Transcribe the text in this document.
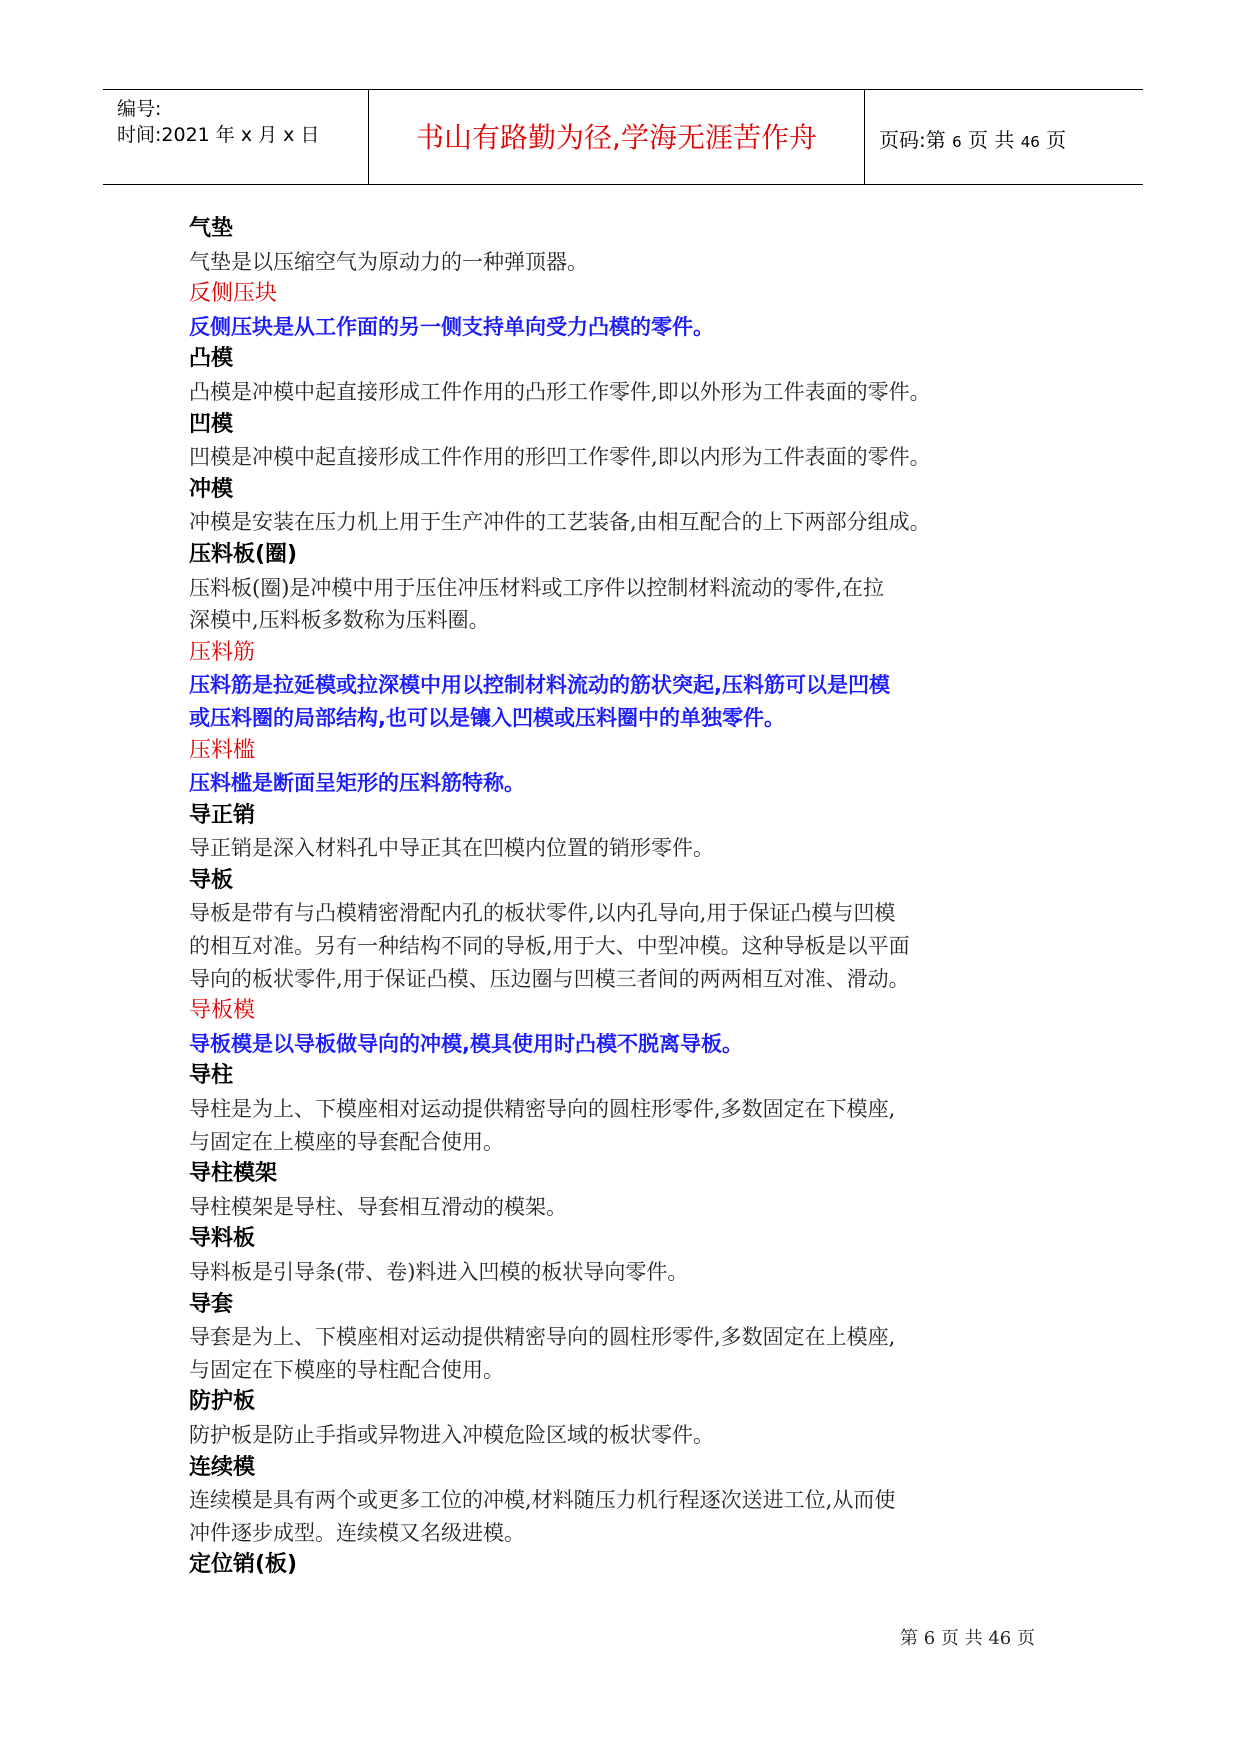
编号:
时间:2021 年 x 月 x 日	书山有路勤为径,学海无涯苦作舟	页码:第 6 页 共 46 页
气垫
气垫是以压缩空气为原动力的一种弹顶器。
反侧压块
反侧压块是从工作面的另一侧支持单向受力凸模的零件。
凸模
凸模是冲模中起直接形成工件作用的凸形工作零件,即以外形为工件表面的零件。
凹模
凹模是冲模中起直接形成工件作用的形凹工作零件,即以内形为工件表面的零件。
冲模
冲模是安装在压力机上用于生产冲件的工艺装备,由相互配合的上下两部分组成。
压料板(圈)
压料板(圈)是冲模中用于压住冲压材料或工序件以控制材料流动的零件,在拉
深模中,压料板多数称为压料圈。
压料筋
压料筋是拉延模或拉深模中用以控制材料流动的筋状突起,压料筋可以是凹模
或压料圈的局部结构,也可以是镶入凹模或压料圈中的单独零件。
压料槛
压料槛是断面呈矩形的压料筋特称。
导正销
导正销是深入材料孔中导正其在凹模内位置的销形零件。
导板
导板是带有与凸模精密滑配内孔的板状零件,以内孔导向,用于保证凸模与凹模
的相互对准。另有一种结构不同的导板,用于大、中型冲模。这种导板是以平面
导向的板状零件,用于保证凸模、压边圈与凹模三者间的两两相互对准、滑动。
导板模
导板模是以导板做导向的冲模,模具使用时凸模不脱离导板。
导柱
导柱是为上、下模座相对运动提供精密导向的圆柱形零件,多数固定在下模座,
与固定在上模座的导套配合使用。
导柱模架
导柱模架是导柱、导套相互滑动的模架。
导料板
导料板是引导条(带、卷)料进入凹模的板状导向零件。
导套
导套是为上、下模座相对运动提供精密导向的圆柱形零件,多数固定在上模座,
与固定在下模座的导柱配合使用。
防护板
防护板是防止手指或异物进入冲模危险区域的板状零件。
连续模
连续模是具有两个或更多工位的冲模,材料随压力机行程逐次送进工位,从而使
冲件逐步成型。连续模又名级进模。
定位销(板)
第 6 页 共 46 页
